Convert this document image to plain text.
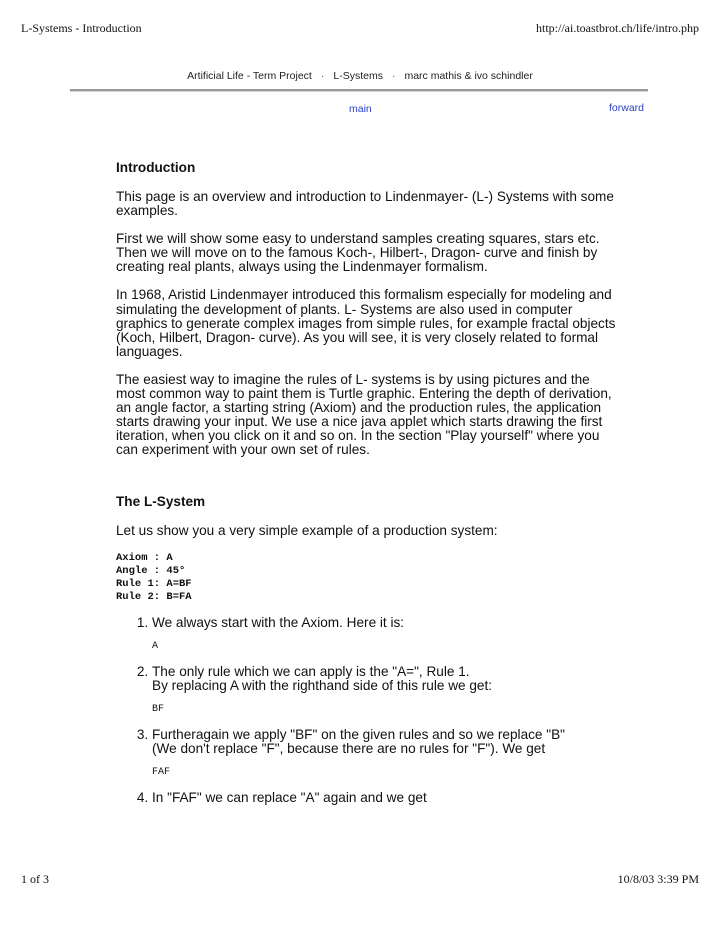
L-Systems - Introduction	http://ai.toastbrot.ch/life/intro.php
Artificial Life - Term Project · L-Systems · marc mathis & ivo schindler
main	forward
Introduction

This page is an overview and introduction to Lindenmayer- (L-) Systems with some examples.

First we will show some easy to understand samples creating squares, stars etc. Then we will move on to the famous Koch-, Hilbert-, Dragon- curve and finish by creating real plants, always using the Lindenmayer formalism.

In 1968, Aristid Lindenmayer introduced this formalism especially for modeling and simulating the development of plants. L- Systems are also used in computer graphics to generate complex images from simple rules, for example fractal objects (Koch, Hilbert, Dragon- curve). As you will see, it is very closely related to formal languages.

The easiest way to imagine the rules of L- systems is by using pictures and the most common way to paint them is Turtle graphic. Entering the depth of derivation, an angle factor, a starting string (Axiom) and the production rules, the application starts drawing your input. We use a nice java applet which starts drawing the first iteration, when you click on it and so on. In the section "Play yourself" where you can experiment with your own set of rules.

The L-System

Let us show you a very simple example of a production system:

Axiom : A
Angle : 45°
Rule 1: A=BF
Rule 2: B=FA
1. We always start with the Axiom. Here it is:
A
2. The only rule which we can apply is the "A=", Rule 1.
By replacing A with the righthand side of this rule we get:
BF
3. Furtheragain we apply "BF" on the given rules and so we replace "B"
(We don't replace "F", because there are no rules for "F"). We get
FAF
4. In "FAF" we can replace "A" again and we get
1 of 3	10/8/03 3:39 PM
